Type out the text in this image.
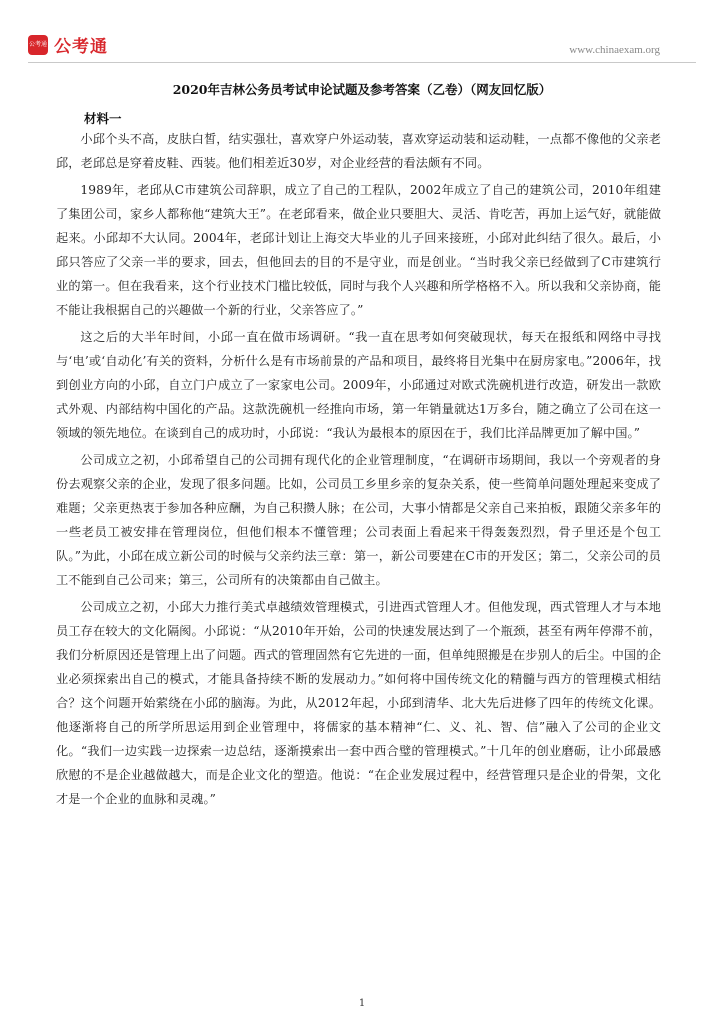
公考通 公考通	www.chinaexam.org
2020年吉林公务员考试申论试题及参考答案（乙卷）（网友回忆版）
材料一

小邱个头不高，皮肤白皙，结实强壮，喜欢穿户外运动装，喜欢穿运动装和运动鞋，一点都不像他的父亲老邱，老邱总是穿着皮鞋、西装。他们相差近30岁，对企业经营的看法颇有不同。

1989年，老邱从C市建筑公司辞职，成立了自己的工程队，2002年成立了自己的建筑公司，2010年组建了集团公司，家乡人都称他“建筑大王”。在老邱看来，做企业只要胆大、灵活、肯吃苦，再加上运气好，就能做起来。小邱却不大认同。2004年，老邱计划让上海交大毕业的儿子回来接班，小邱对此纠结了很久。最后，小邱只答应了父亲一半的要求，回去，但他回去的目的不是守业，而是创业。“当时我父亲已经做到了C市建筑行业的第一。但在我看来，这个行业技术门槛比较低，同时与我个人兴趣和所学格格不入。所以我和父亲协商，能不能让我根据自己的兴趣做一个新的行业，父亲答应了。”

这之后的大半年时间，小邱一直在做市场调研。“我一直在思考如何突破现状，每天在报纸和网络中寻找与‘电’或‘自动化’有关的资料，分析什么是有市场前景的产品和项目，最终将目光集中在厨房家电。”2006年，找到创业方向的小邱，自立门户成立了一家家电公司。2009年，小邱通过对欧式洗碗机进行改造，研发出一款欧式外观、内部结构中国化的产品。这款洗碗机一经推向市场，第一年销量就达1万多台，随之确立了公司在这一领域的领先地位。在谈到自己的成功时，小邱说：“我认为最根本的原因在于，我们比洋品牌更加了解中国。”

公司成立之初，小邱希望自己的公司拥有现代化的企业管理制度，“在调研市场期间，我以一个旁观者的身份去观察父亲的企业，发现了很多问题。比如，公司员工乡里乡亲的复杂关系，使一些简单问题处理起来变成了难题；父亲更热衷于参加各种应酬，为自己积攒人脉；在公司，大事小情都是父亲自己来拍板，跟随父亲多年的一些老员工被安排在管理岗位，但他们根本不懂管理；公司表面上看起来干得轰轰烈烈，骨子里还是个包工队。”为此，小邱在成立新公司的时候与父亲约法三章：第一，新公司要建在C市的开发区；第二，父亲公司的员工不能到自己公司来；第三，公司所有的决策都由自己做主。

公司成立之初，小邱大力推行美式卓越绩效管理模式，引进西式管理人才。但他发现，西式管理人才与本地员工存在较大的文化隔阂。小邱说：“从2010年开始，公司的快速发展达到了一个瓶颈，甚至有两年停滞不前，我们分析原因还是管理上出了问题。西式的管理固然有它先进的一面，但单纯照搬是在步别人的后尘。中国的企业必须探索出自己的模式，才能具备持续不断的发展动力。”如何将中国传统文化的精髓与西方的管理模式相结合？这个问题开始萦绕在小邱的脑海。为此，从2012年起，小邱到清华、北大先后进修了四年的传统文化课。他逐渐将自己的所学所思运用到企业管理中，将儒家的基本精神“仁、义、礼、智、信”融入了公司的企业文化。“我们一边实践一边探索一边总结，逐渐摸索出一套中西合璧的管理模式。”十几年的创业磨砺，让小邱最感欣慰的不是企业越做越大，而是企业文化的塑造。他说：“在企业发展过程中，经营管理只是企业的骨架，文化才是一个企业的血脉和灵魂。”

1
